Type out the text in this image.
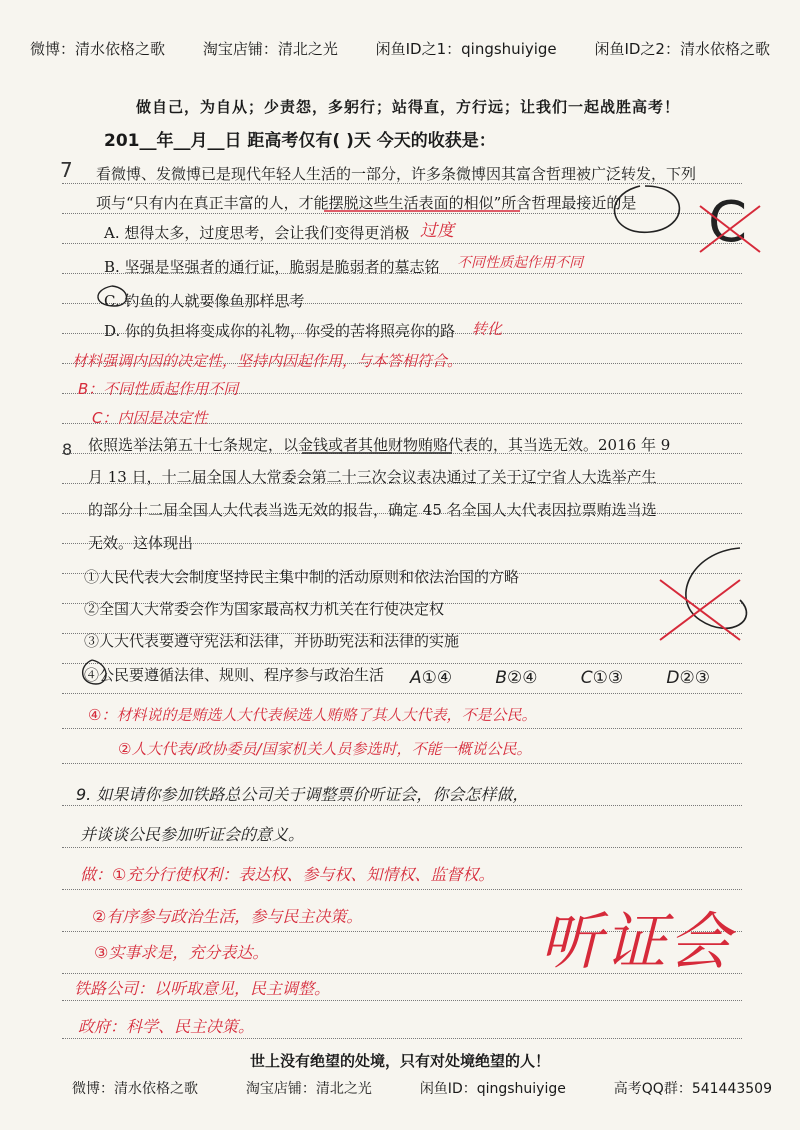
微博：清水依格之歌	淘宝店铺：清北之光	闲鱼ID之1：qingshuiyige	闲鱼ID之2：清水依格之歌
做自己，为自从；少责怨，多躬行；站得直，方行远；让我们一起战胜高考！
201__年__月__日 距高考仅有( )天 今天的收获是：
7 看微博、发微博已是现代年轻人生活的一部分，许多条微博因其富含哲理被广泛转发，下列
项与“只有内在真正丰富的人，才能摆脱这些生活表面的相似”所含哲理最接近的是
A. 想得太多，过度思考，会让我们变得更消极
B. 坚强是坚强者的通行证，脆弱是脆弱者的墓志铭
C. 钓鱼的人就要像鱼那样思考
D. 你的负担将变成你的礼物，你受的苦将照亮你的路
过度
不同性质起作用不同
转化
C
材料强调内因的决定性，坚持内因起作用，与本答相符合。
B：不同性质起作用不同
C：内因是决定性
8 依照选举法第五十七条规定，以金钱或者其他财物贿赂代表的，其当选无效。2016 年 9
月 13 日，十二届全国人大常委会第二十三次会议表决通过了关于辽宁省人大选举产生
的部分十二届全国人大代表当选无效的报告，确定 45 名全国人大代表因拉票贿选当选
无效。这体现出
①人民代表大会制度坚持民主集中制的活动原则和依法治国的方略
②全国人大常委会作为国家最高权力机关在行使决定权
③人大代表要遵守宪法和法律，并协助宪法和法律的实施
④公民要遵循法律、规则、程序参与政治生活 A①④	B②④	C①③	D②③
④：材料说的是贿选人大代表候选人贿赂了其人大代表，不是公民。
②人大代表/政协委员/国家机关人员参选时，不能一概说公民。
9. 如果请你参加铁路总公司关于调整票价听证会，你会怎样做，
并谈谈公民参加听证会的意义。
做：①充分行使权利：表达权、参与权、知情权、监督权。
②有序参与政治生活，参与民主决策。
③实事求是，充分表达。
铁路公司：以听取意见，民主调整。
政府：科学、民主决策。
听证会
世上没有绝望的处境，只有对处境绝望的人！
微博：清水依格之歌	淘宝店铺：清北之光	闲鱼ID：qingshuiyige	高考QQ群：541443509
